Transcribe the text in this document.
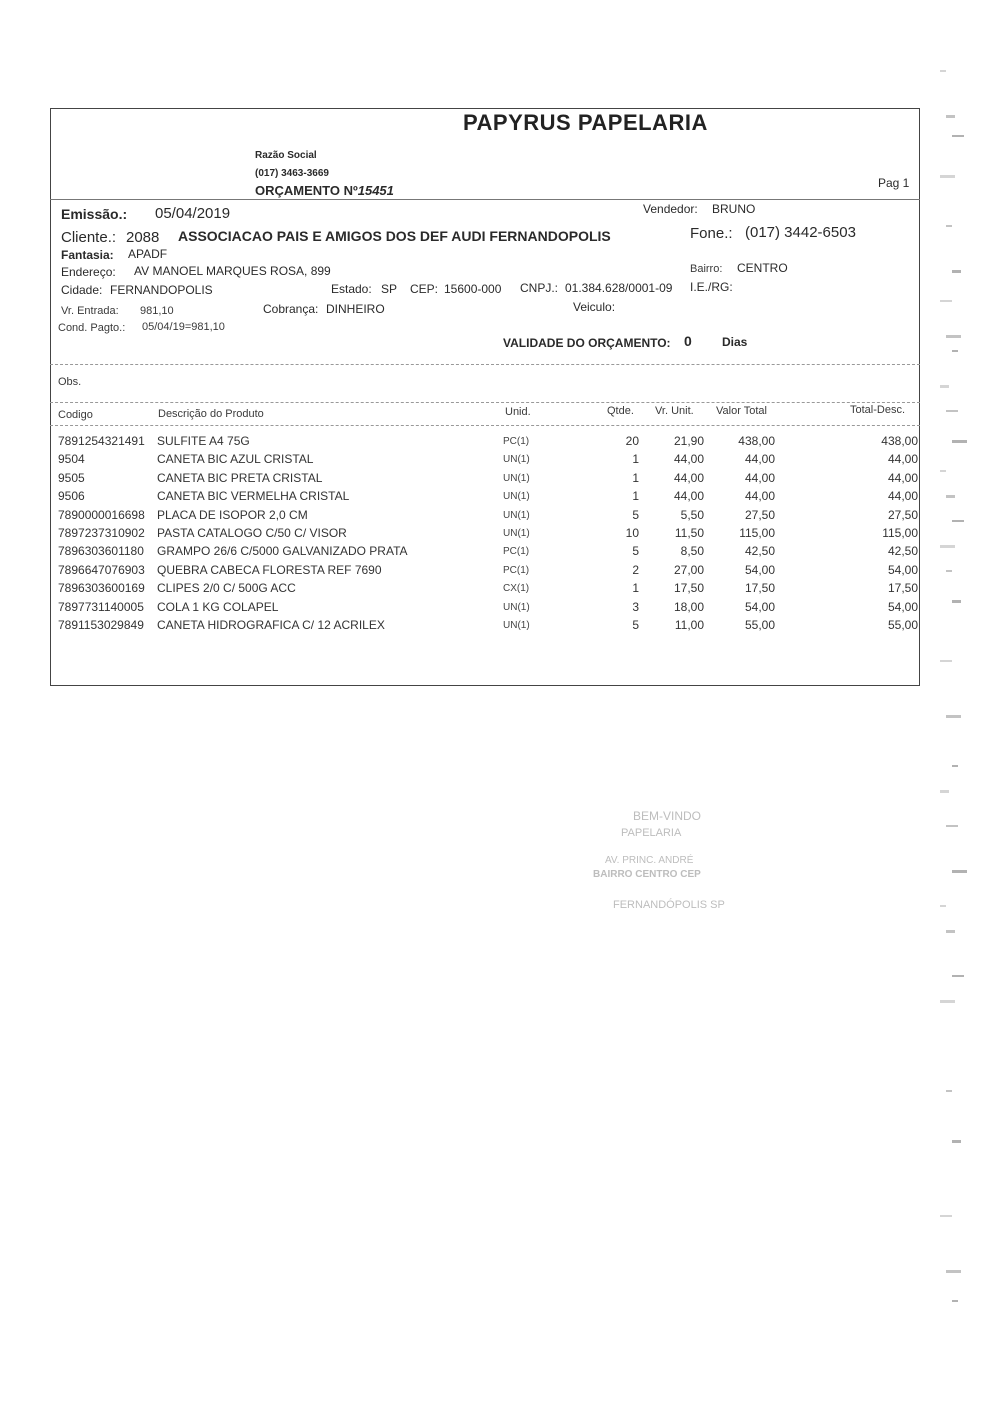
PAPYRUS PAPELARIA
Razão Social
(017) 3463-3669
ORÇAMENTO Nº15451	Pag 1
Emissão.: 05/04/2019	Vendedor: BRUNO
Cliente.: 2088 ASSOCIACAO PAIS E AMIGOS DOS DEF AUDI FERNANDOPOLIS	Fone.: (017) 3442-6503
Fantasia: APADF
Endereço: AV MANOEL MARQUES ROSA, 899	Bairro: CENTRO
Cidade: FERNANDOPOLIS	Estado: SP CEP: 15600-000 CNPJ.: 01.384.628/0001-09 I.E./RG:
Vr. Entrada: 981,10	Cobrança: DINHEIRO	Veiculo:
Cond. Pagto.: 05/04/19=981,10
VALIDADE DO ORÇAMENTO: 0	Dias
Obs.
Codigo	Descrição do Produto	Unid.	Qtde. Vr. Unit. Valor Total	Total-Desc.
7891254321491	SULFITE A4 75G	PC(1)	20	21,90	438,00	438,00
9504	CANETA BIC AZUL CRISTAL	UN(1)	1	44,00	44,00	44,00
9505	CANETA BIC PRETA CRISTAL	UN(1)	1	44,00	44,00	44,00
9506	CANETA BIC VERMELHA CRISTAL	UN(1)	1	44,00	44,00	44,00
7890000016698	PLACA DE ISOPOR 2,0 CM	UN(1)	5	5,50	27,50	27,50
7897237310902	PASTA CATALOGO C/50 C/ VISOR	UN(1)	10	11,50	115,00	115,00
7896303601180	GRAMPO 26/6 C/5000 GALVANIZADO PRATA	PC(1)	5	8,50	42,50	42,50
7896647076903	QUEBRA CABECA FLORESTA REF 7690	PC(1)	2	27,00	54,00	54,00
7896303600169	CLIPES 2/0 C/ 500G ACC	CX(1)	1	17,50	17,50	17,50
7897731140005	COLA 1 KG COLAPEL	UN(1)	3	18,00	54,00	54,00
7891153029849	CANETA HIDROGRAFICA C/ 12 ACRILEX	UN(1)	5	11,00	55,00	55,00
BEM-VINDO
PAPELARIA
AV. PRINC. ANDRÉ
BAIRRO CENTRO CEP
FERNANDÓPOLIS SP
